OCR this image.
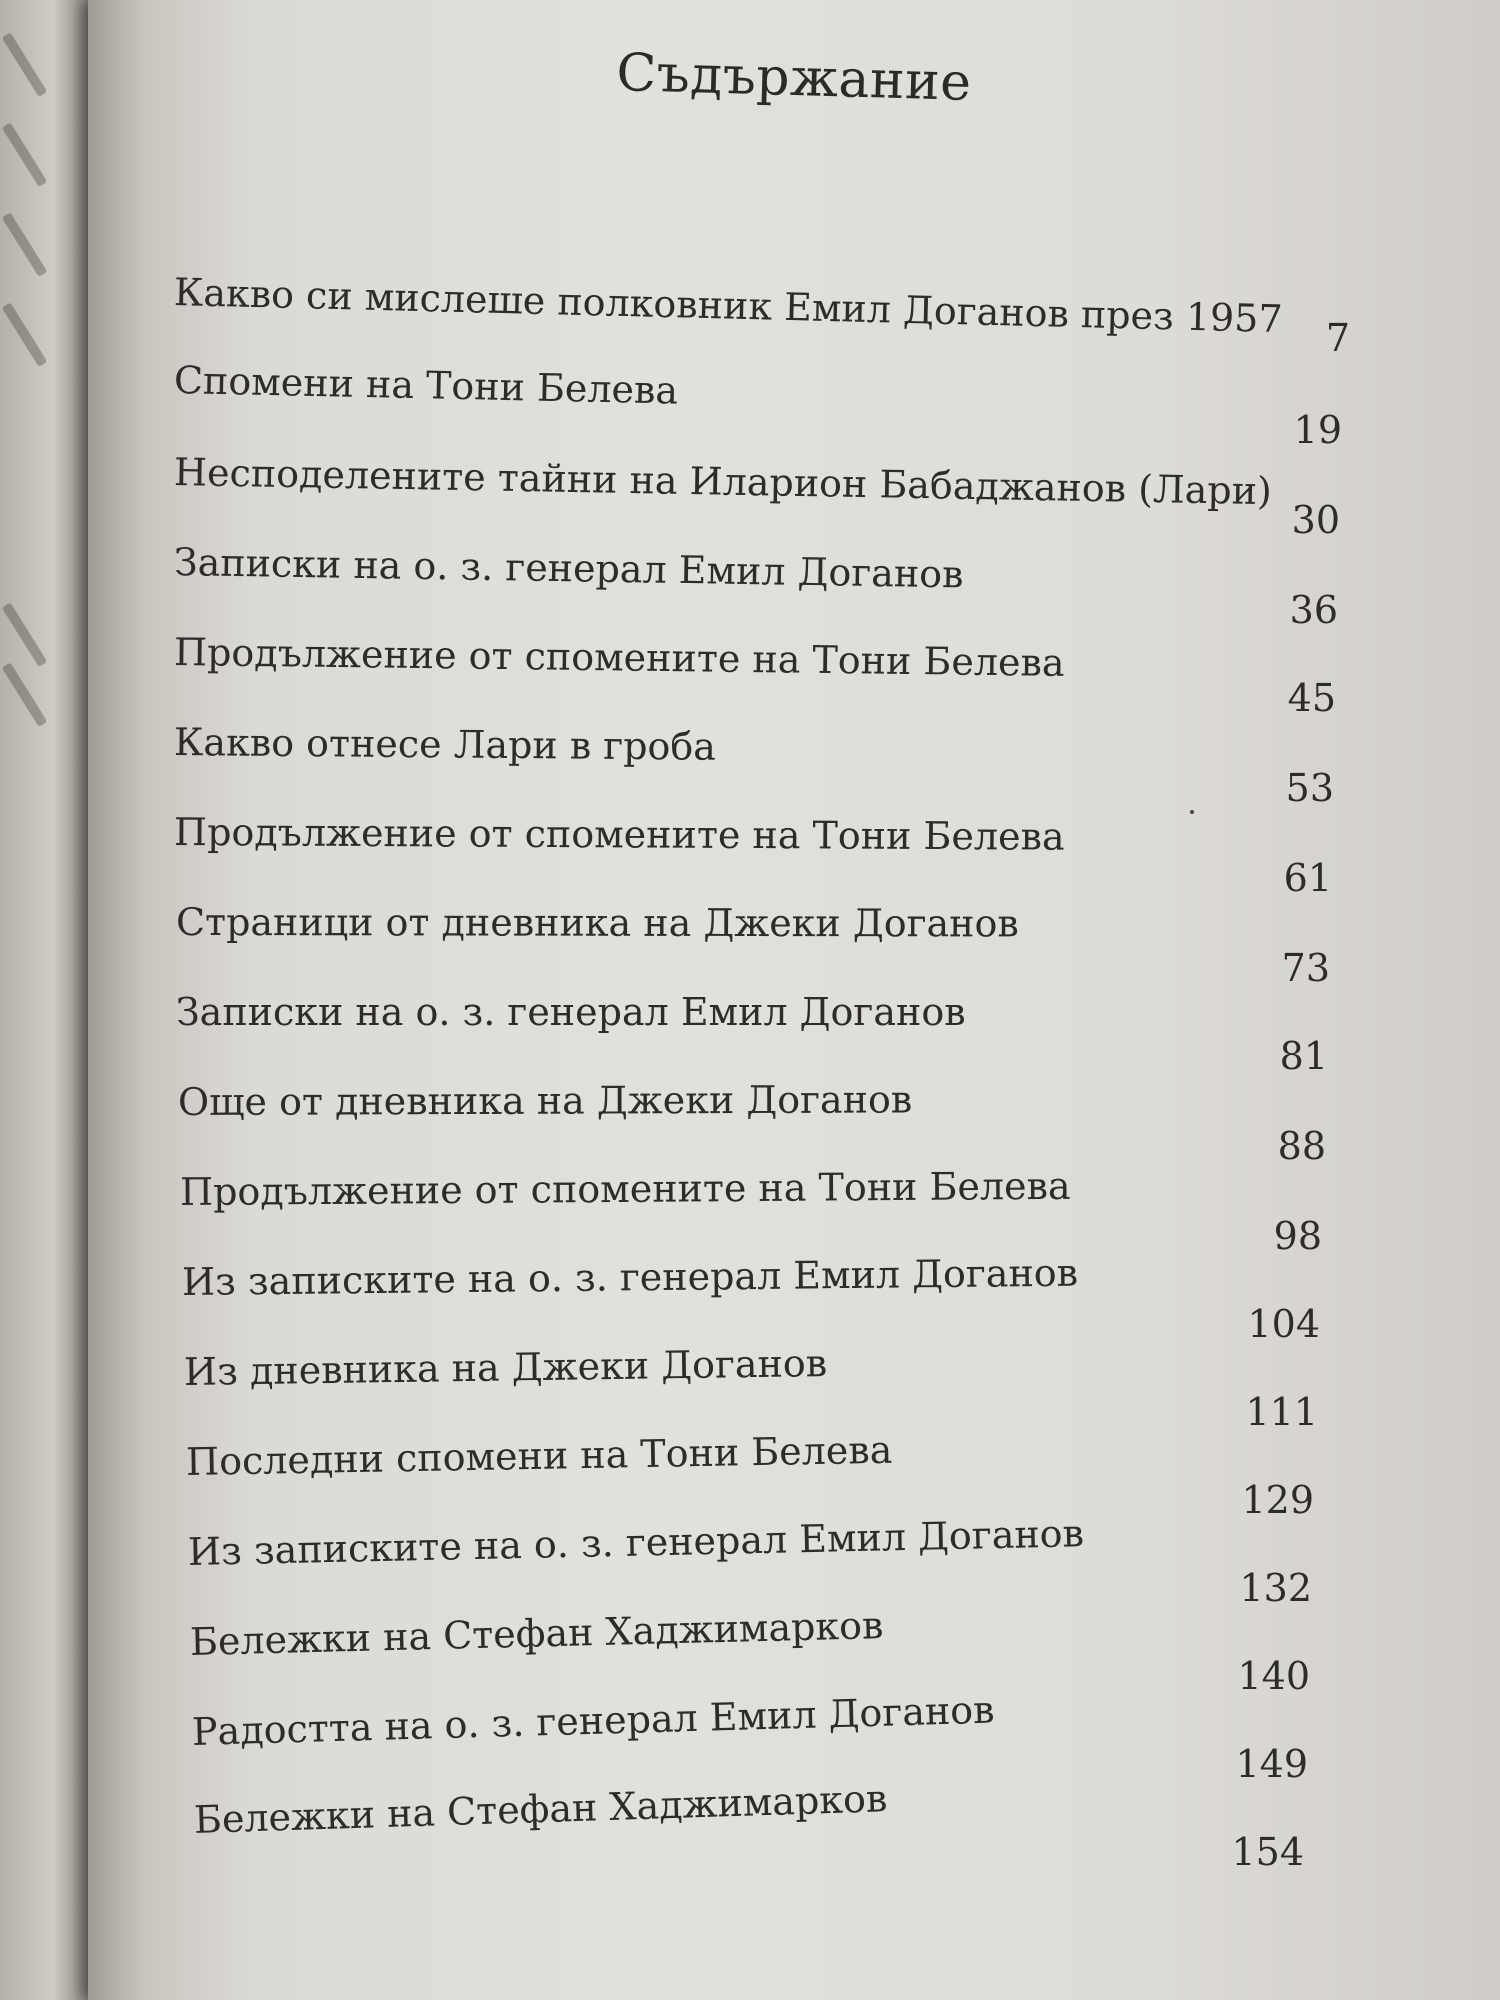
Съдържание
Какво си мислеше полковник Емил Доганов през 1957	7
Спомени на Тони Белева
19
Несподелените тайни на Иларион Бабаджанов (Лари)
30
Записки на о. з. генерал Емил Доганов
36
Продължение от спомените на Тони Белева
45
Какво отнесе Лари в гроба
53
Продължение от спомените на Тони Белева
61
Страници от дневника на Джеки Доганов
73
Записки на о. з. генерал Емил Доганов
81
Още от дневника на Джеки Доганов
88
Продължение от спомените на Тони Белева
98
Из записките на о. з. генерал Емил Доганов
104
Из дневника на Джеки Доганов
111
Последни спомени на Тони Белева
129
Из записките на о. з. генерал Емил Доганов
132
Бележки на Стефан Хаджимарков
140
Радостта на о. з. генерал Емил Доганов
149
Бележки на Стефан Хаджимарков
154
